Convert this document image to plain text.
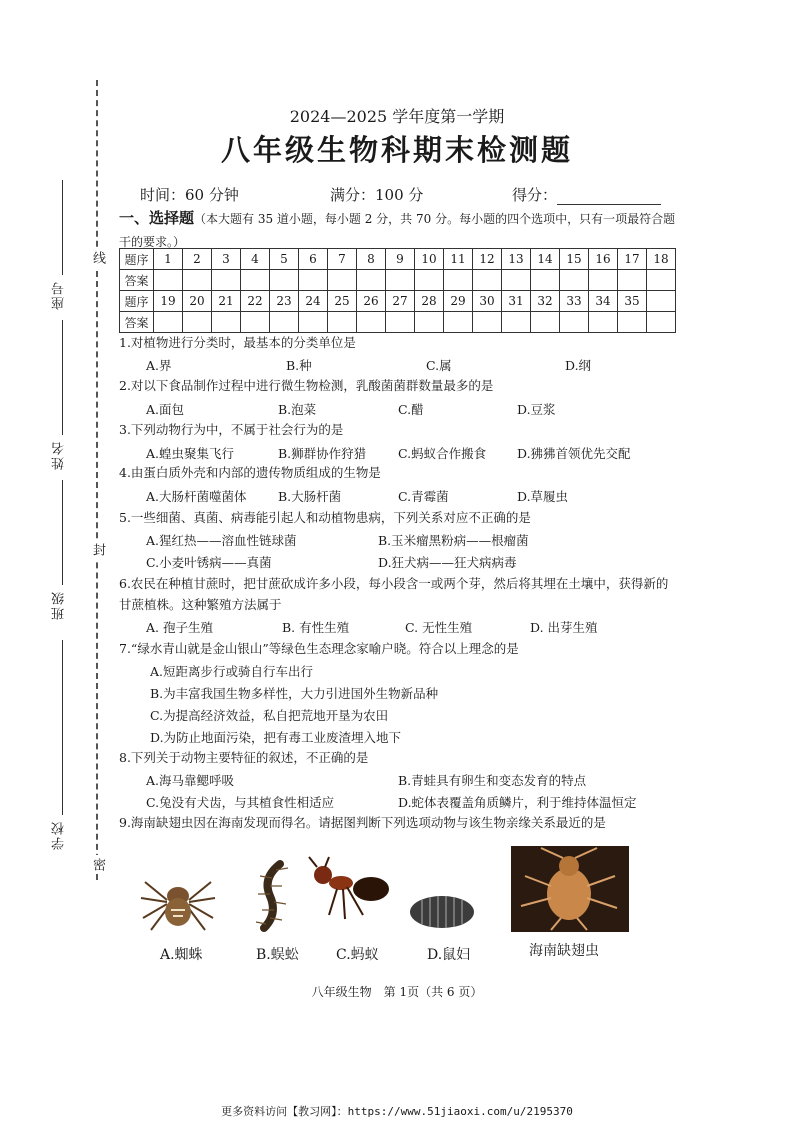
座号
姓名
班级
学校
线
封
密
2024—2025 学年度第一学期
八年级生物科期末检测题
时间：60 分钟	满分：100 分	得分：
一、选择题（本大题有 35 道小题，每小题 2 分，共 70 分。每小题的四个选项中，只有一项最符合题干的要求。）
题序	1	2	3	4	5	6	7	8	9	10	11	12	13	14	15	16	17	18
答案																		
题序	19	20	21	22	23	24	25	26	27	28	29	30	31	32	33	34	35	
答案																		
1.对植物进行分类时，最基本的分类单位是
A.界	B.种	C.属	D.纲
2.对以下食品制作过程中进行微生物检测，乳酸菌菌群数量最多的是
A.面包	B.泡菜	C.醋	D.豆浆
3.下列动物行为中，不属于社会行为的是
A.蝗虫聚集飞行	B.狮群协作狩猎	C.蚂蚁合作搬食 D.狒狒首领优先交配
4.由蛋白质外壳和内部的遗传物质组成的生物是
A.大肠杆菌噬菌体	B.大肠杆菌	C.青霉菌	D.草履虫
5.一些细菌、真菌、病毒能引起人和动植物患病，下列关系对应不正确的是
A.猩红热——溶血性链球菌	B.玉米瘤黑粉病——根瘤菌
C.小麦叶锈病——真菌	D.狂犬病——狂犬病病毒
6.农民在种植甘蔗时，把甘蔗砍成许多小段，每小段含一或两个芽，然后将其埋在土壤中，获得新的甘蔗植株。这种繁殖方法属于
A. 孢子生殖	B. 有性生殖	C. 无性生殖	D. 出芽生殖
7.“绿水青山就是金山银山”等绿色生态理念家喻户晓。符合以上理念的是
A.短距离步行或骑自行车出行
B.为丰富我国生物多样性，大力引进国外生物新品种
C.为提高经济效益，私自把荒地开垦为农田
D.为防止地面污染，把有毒工业废渣埋入地下
8.下列关于动物主要特征的叙述，不正确的是
A.海马靠鳃呼吸	B.青蛙具有卵生和变态发育的特点
C.兔没有犬齿，与其植食性相适应	D.蛇体表覆盖角质鳞片，利于维持体温恒定
9.海南缺翅虫因在海南发现而得名。请据图判断下列选项动物与该生物亲缘关系最近的是
A.蜘蛛	B.蜈蚣	C.蚂蚁	D.鼠妇	海南缺翅虫
八年级生物　第 1页（共 6 页）
更多资料访问【教习网】：https://www.51jiaoxi.com/u/2195370
